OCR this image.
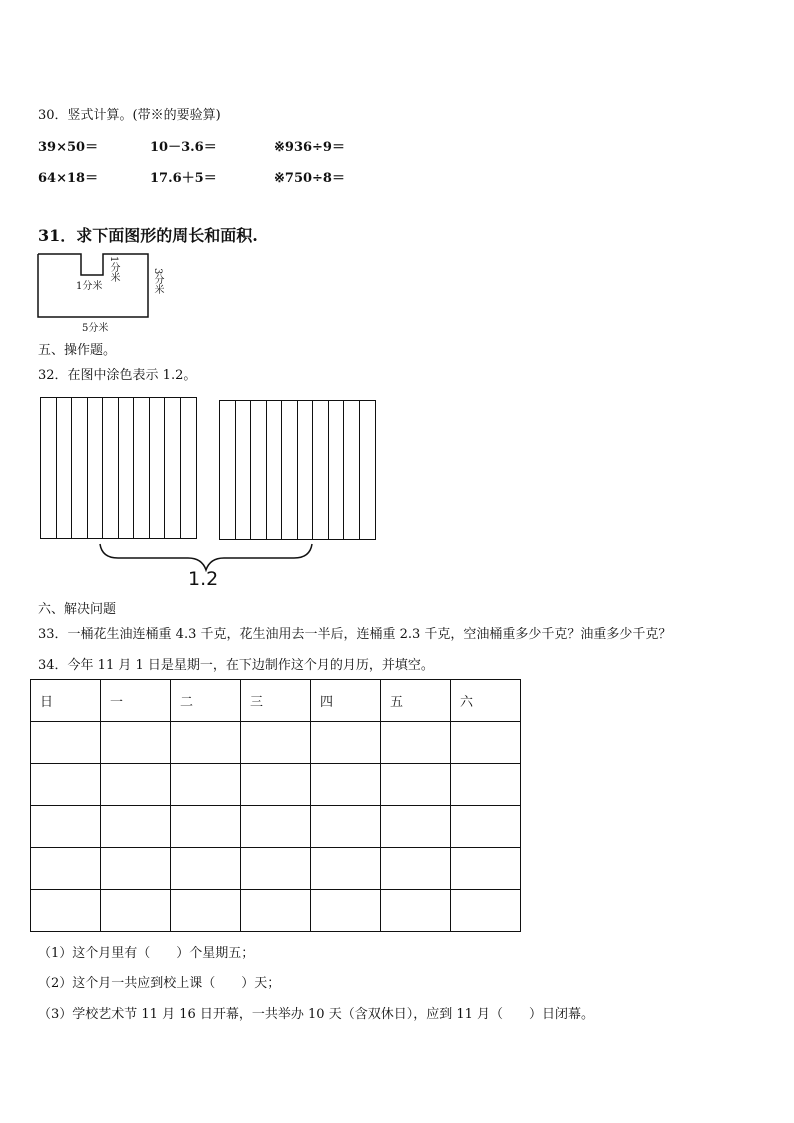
30．竖式计算。(带※的要验算)
39×50＝	10－3.6＝	※936÷9＝
64×18＝	17.6＋5＝	※750÷8＝
31．求下面图形的周长和面积.
1分米
1分米	3分米
5分米
五、操作题。
32．在图中涂色表示 1.2。
1.2
六、解决问题
33．一桶花生油连桶重 4.3 千克，花生油用去一半后，连桶重 2.3 千克，空油桶重多少千克？油重多少千克？
34．今年 11 月 1 日是星期一，在下边制作这个月的月历，并填空。
日	一	二	三	四	五	六

（1）这个月里有（　　）个星期五；
（2）这个月一共应到校上课（　　）天；
（3）学校艺术节 11 月 16 日开幕，一共举办 10 天（含双休日），应到 11 月（　　）日闭幕。
